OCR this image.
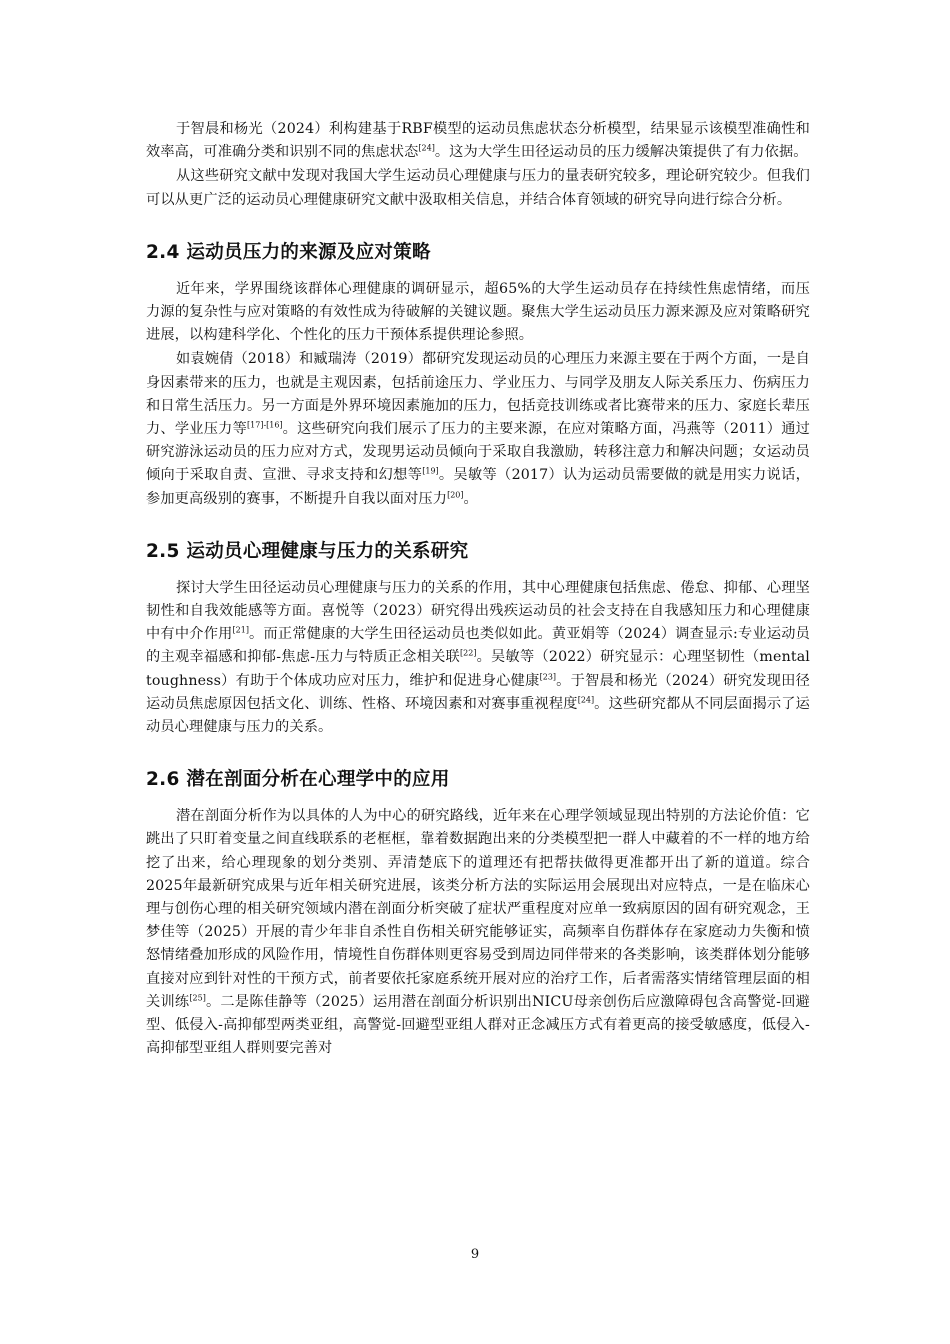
于智晨和杨光（2024）利构建基于RBF模型的运动员焦虑状态分析模型，结果显示该模型准确性和效率高，可准确分类和识别不同的焦虑状态[24]。这为大学生田径运动员的压力缓解决策提供了有力依据。

从这些研究文献中发现对我国大学生运动员心理健康与压力的量表研究较多，理论研究较少。但我们可以从更广泛的运动员心理健康研究文献中汲取相关信息，并结合体育领域的研究导向进行综合分析。

2.4 运动员压力的来源及应对策略

近年来，学界围绕该群体心理健康的调研显示，超65%的大学生运动员存在持续性焦虑情绪，而压力源的复杂性与应对策略的有效性成为待破解的关键议题。聚焦大学生运动员压力源来源及应对策略研究进展，以构建科学化、个性化的压力干预体系提供理论参照。

如袁婉倩（2018）和臧瑞涛（2019）都研究发现运动员的心理压力来源主要在于两个方面，一是自身因素带来的压力，也就是主观因素，包括前途压力、学业压力、与同学及朋友人际关系压力、伤病压力和日常生活压力。另一方面是外界环境因素施加的压力，包括竞技训练或者比赛带来的压力、家庭长辈压力、学业压力等[17]-[16]。这些研究向我们展示了压力的主要来源，在应对策略方面，冯燕等（2011）通过研究游泳运动员的压力应对方式，发现男运动员倾向于采取自我激励，转移注意力和解决问题；女运动员倾向于采取自责、宣泄、寻求支持和幻想等[19]。吴敏等（2017）认为运动员需要做的就是用实力说话，参加更高级别的赛事，不断提升自我以面对压力[20]。

2.5 运动员心理健康与压力的关系研究

探讨大学生田径运动员心理健康与压力的关系的作用，其中心理健康包括焦虑、倦怠、抑郁、心理坚韧性和自我效能感等方面。喜悦等（2023）研究得出残疾运动员的社会支持在自我感知压力和心理健康中有中介作用[21]。而正常健康的大学生田径运动员也类似如此。黄亚娟等（2024）调查显示:专业运动员的主观幸福感和抑郁-焦虑-压力与特质正念相关联[22]。吴敏等（2022）研究显示：心理坚韧性（mental toughness）有助于个体成功应对压力，维护和促进身心健康[23]。于智晨和杨光（2024）研究发现田径运动员焦虑原因包括文化、训练、性格、环境因素和对赛事重视程度[24]。这些研究都从不同层面揭示了运动员心理健康与压力的关系。

2.6 潜在剖面分析在心理学中的应用

潜在剖面分析作为以具体的人为中心的研究路线，近年来在心理学领域显现出特别的方法论价值：它跳出了只盯着变量之间直线联系的老框框，靠着数据跑出来的分类模型把一群人中藏着的不一样的地方给挖了出来，给心理现象的划分类别、弄清楚底下的道理还有把帮扶做得更准都开出了新的道道。综合2025年最新研究成果与近年相关研究进展，该类分析方法的实际运用会展现出对应特点，一是在临床心理与创伤心理的相关研究领域内潜在剖面分析突破了症状严重程度对应单一致病原因的固有研究观念，王梦佳等（2025）开展的青少年非自杀性自伤相关研究能够证实，高频率自伤群体存在家庭动力失衡和愤怒情绪叠加形成的风险作用，情境性自伤群体则更容易受到周边同伴带来的各类影响，该类群体划分能够直接对应到针对性的干预方式，前者要依托家庭系统开展对应的治疗工作，后者需落实情绪管理层面的相关训练[25]。二是陈佳静等（2025）运用潜在剖面分析识别出NICU母亲创伤后应激障碍包含高警觉-回避型、低侵入-高抑郁型两类亚组，高警觉-回避型亚组人群对正念减压方式有着更高的接受敏感度，低侵入-高抑郁型亚组人群则要完善对

9
